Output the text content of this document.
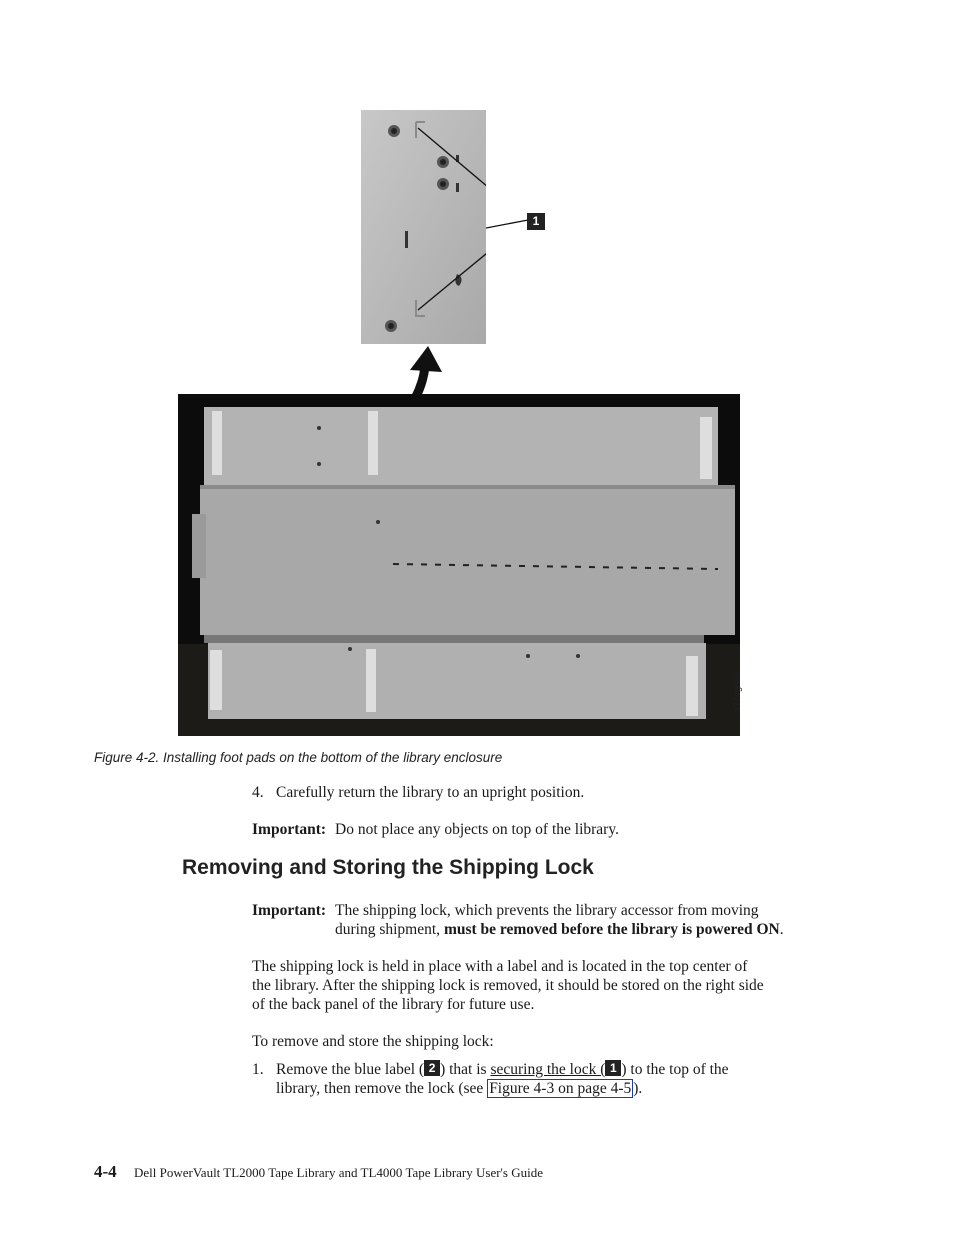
1
a77ug085
Figure 4-2. Installing foot pads on the bottom of the library enclosure
4. Carefully return the library to an upright position.
Important: Do not place any objects on top of the library.
Removing and Storing the Shipping Lock
Important: The shipping lock, which prevents the library accessor from moving
during shipment, must be removed before the library is powered ON.
The shipping lock is held in place with a label and is located in the top center of
the library. After the shipping lock is removed, it should be stored on the right side
of the back panel of the library for future use.
To remove and store the shipping lock:
1. Remove the blue label ( 2 ) that is securing the lock ( 1 ) to the top of the
library, then remove the lock (see Figure 4-3 on page 4-5 ).
4-4 Dell PowerVault TL2000 Tape Library and TL4000 Tape Library User's Guide
